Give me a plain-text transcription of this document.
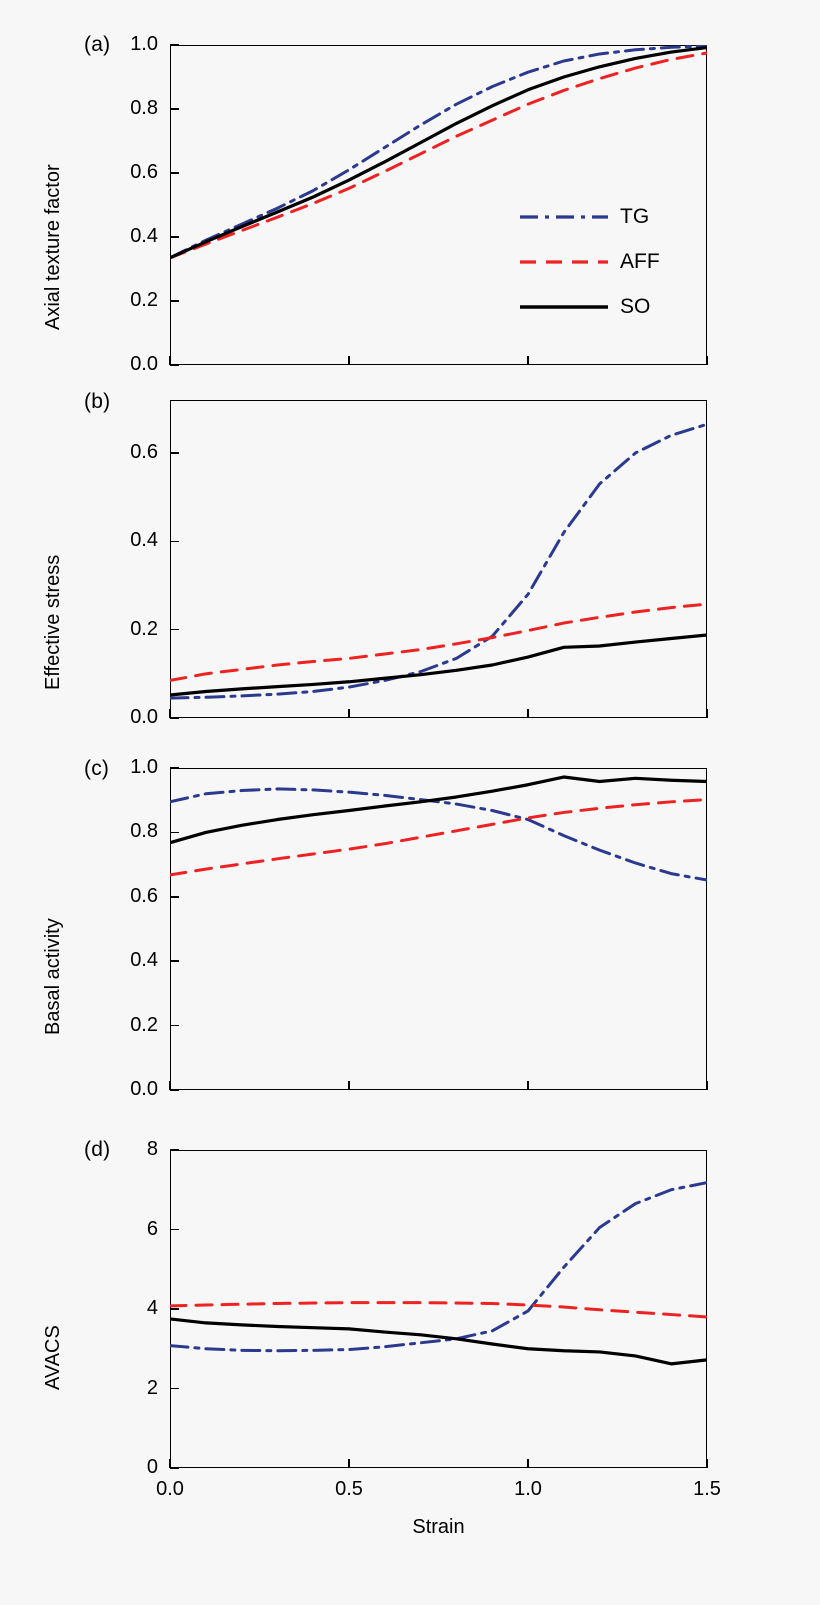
(a)
Axial texture factor
0.0
0.2
0.4
0.6
0.8
1.0
(b)
Effective stress
0.0
0.2
0.4
0.6
(c)
Basal activity
0.0
0.2
0.4
0.6
0.8
1.0
(d)
AVACS
0
2
4
6
8
0.0	0.5	1.0	1.5
Strain
TG
AFF
SO
